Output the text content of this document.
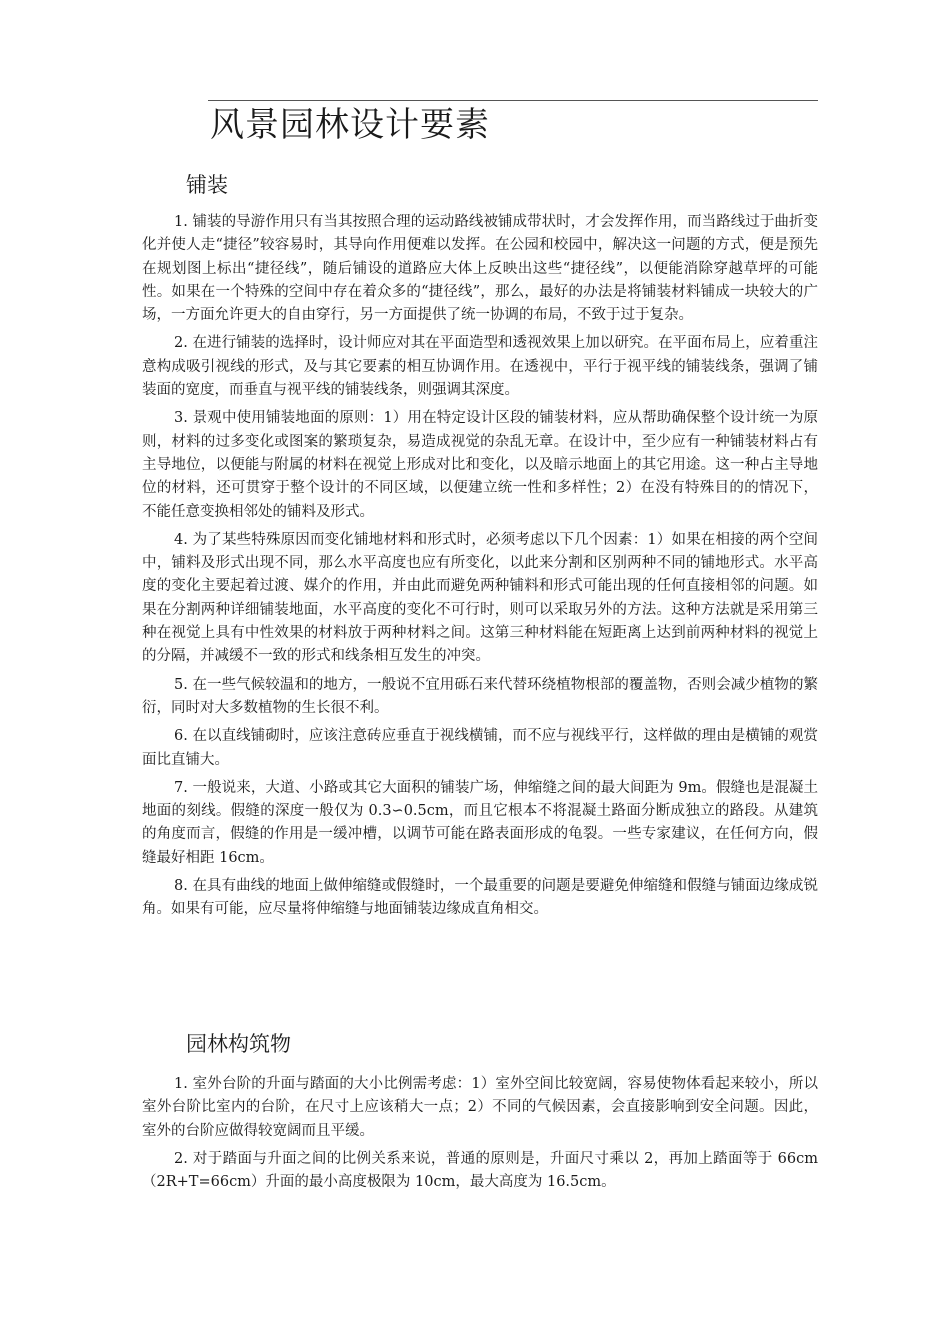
风景园林设计要素
铺装

1. 铺装的导游作用只有当其按照合理的运动路线被铺成带状时，才会发挥作用，而当路线过于曲折变化并使人走“捷径”较容易时，其导向作用便难以发挥。在公园和校园中，解决这一问题的方式，便是预先在规划图上标出“捷径线”，随后铺设的道路应大体上反映出这些“捷径线”，以便能消除穿越草坪的可能性。如果在一个特殊的空间中存在着众多的“捷径线”，那么，最好的办法是将铺装材料铺成一块较大的广场，一方面允许更大的自由穿行，另一方面提供了统一协调的布局，不致于过于复杂。

2. 在进行铺装的选择时，设计师应对其在平面造型和透视效果上加以研究。在平面布局上，应着重注意构成吸引视线的形式，及与其它要素的相互协调作用。在透视中，平行于视平线的铺装线条，强调了铺装面的宽度，而垂直与视平线的铺装线条，则强调其深度。

3. 景观中使用铺装地面的原则：1）用在特定设计区段的铺装材料，应从帮助确保整个设计统一为原则，材料的过多变化或图案的繁琐复杂，易造成视觉的杂乱无章。在设计中，至少应有一种铺装材料占有主导地位，以便能与附属的材料在视觉上形成对比和变化，以及暗示地面上的其它用途。这一种占主导地位的材料，还可贯穿于整个设计的不同区域，以便建立统一性和多样性；2）在没有特殊目的的情况下，不能任意变换相邻处的铺料及形式。

4. 为了某些特殊原因而变化铺地材料和形式时，必须考虑以下几个因素：1）如果在相接的两个空间中，铺料及形式出现不同，那么水平高度也应有所变化，以此来分割和区别两种不同的铺地形式。水平高度的变化主要起着过渡、媒介的作用，并由此而避免两种铺料和形式可能出现的任何直接相邻的问题。如果在分割两种详细铺装地面，水平高度的变化不可行时，则可以采取另外的方法。这种方法就是采用第三种在视觉上具有中性效果的材料放于两种材料之间。这第三种材料能在短距离上达到前两种材料的视觉上的分隔，并减缓不一致的形式和线条相互发生的冲突。

5. 在一些气候较温和的地方，一般说不宜用砾石来代替环绕植物根部的覆盖物，否则会减少植物的繁衍，同时对大多数植物的生长很不利。

6. 在以直线铺砌时，应该注意砖应垂直于视线横铺，而不应与视线平行，这样做的理由是横铺的观赏面比直铺大。

7. 一般说来，大道、小路或其它大面积的铺装广场，伸缩缝之间的最大间距为 9m。假缝也是混凝土地面的刻线。假缝的深度一般仅为 0.3∽0.5cm，而且它根本不将混凝土路面分断成独立的路段。从建筑的角度而言，假缝的作用是一缓冲槽，以调节可能在路表面形成的龟裂。一些专家建议，在任何方向，假缝最好相距 16cm。

8. 在具有曲线的地面上做伸缩缝或假缝时，一个最重要的问题是要避免伸缩缝和假缝与铺面边缘成锐角。如果有可能，应尽量将伸缩缝与地面铺装边缘成直角相交。

园林构筑物

1. 室外台阶的升面与踏面的大小比例需考虑：1）室外空间比较宽阔，容易使物体看起来较小，所以室外台阶比室内的台阶，在尺寸上应该稍大一点；2）不同的气候因素，会直接影响到安全问题。因此，室外的台阶应做得较宽阔而且平缓。

2. 对于踏面与升面之间的比例关系来说，普通的原则是，升面尺寸乘以 2，再加上踏面等于 66cm（2R+T=66cm）升面的最小高度极限为 10cm，最大高度为 16.5cm。
